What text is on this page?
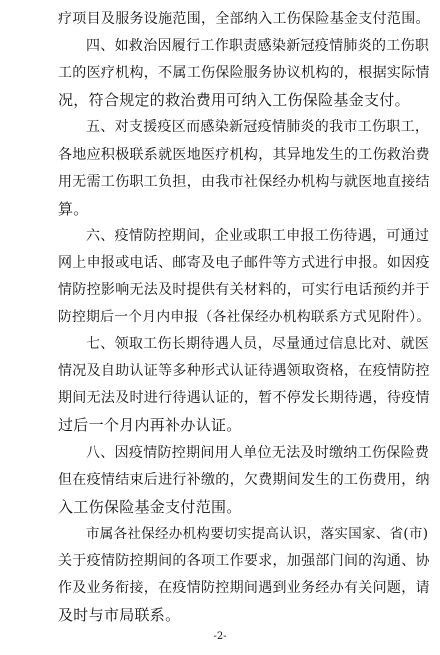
疗项目及服务设施范围，全部纳入工伤保险基金支付范围。
四、如救治因履行工作职责感染新冠疫情肺炎的工伤职
工的医疗机构，不属工伤保险服务协议机构的，根据实际情
况，符合规定的救治费用可纳入工伤保险基金支付。
五、对支援疫区而感染新冠疫情肺炎的我市工伤职工，
各地应积极联系就医地医疗机构，其异地发生的工伤救治费
用无需工伤职工负担，由我市社保经办机构与就医地直接结
算。
六、疫情防控期间，企业或职工申报工伤待遇，可通过
网上申报或电话、邮寄及电子邮件等方式进行申报。如因疫
情防控影响无法及时提供有关材料的，可实行电话预约并于
防控期后一个月内申报（各社保经办机构联系方式见附件）。
七、领取工伤长期待遇人员，尽量通过信息比对、就医
情况及自助认证等多种形式认证待遇领取资格，在疫情防控
期间无法及时进行待遇认证的，暂不停发长期待遇，待疫情
过后一个月内再补办认证。
八、因疫情防控期间用人单位无法及时缴纳工伤保险费
但在疫情结束后进行补缴的，欠费期间发生的工伤费用，纳
入工伤保险基金支付范围。
市属各社保经办机构要切实提高认识，落实国家、省(市)
关于疫情防控期间的各项工作要求，加强部门间的沟通、协
作及业务衔接，在疫情防控期间遇到业务经办有关问题，请
及时与市局联系。
-2-
